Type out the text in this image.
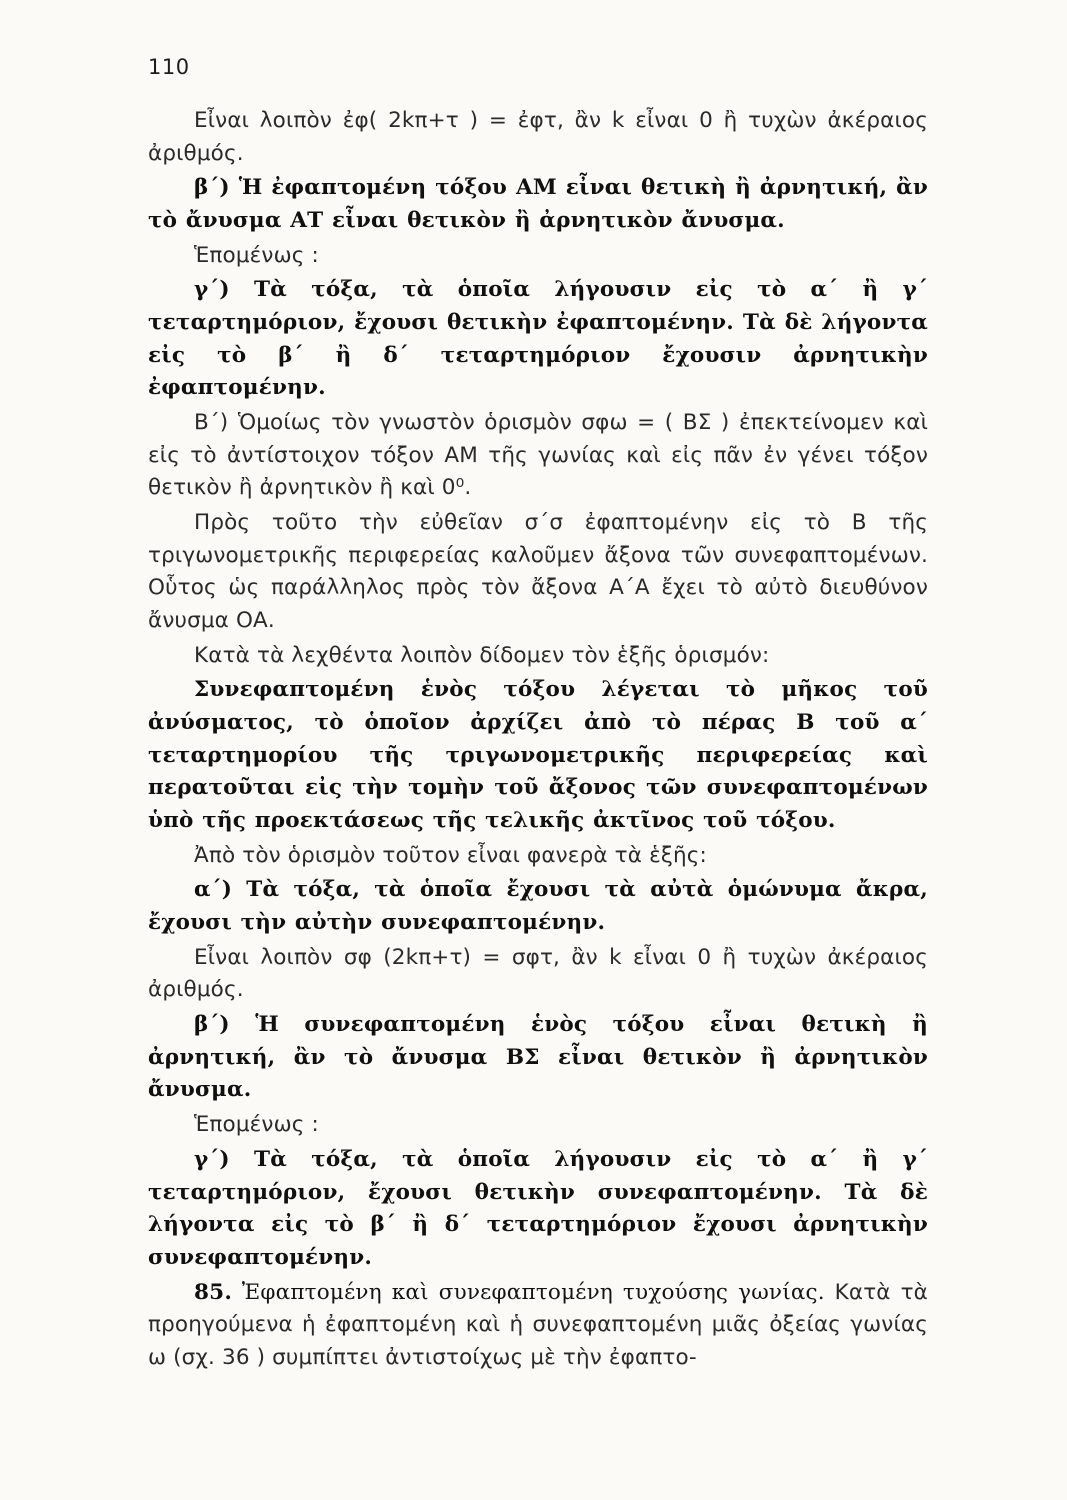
110

Εἶναι λοιπὸν ἐφ( 2kπ+τ ) = ἐφτ, ἂν k εἶναι 0 ἢ τυχὼν ἀκέραιος ἀριθμός.

β΄) Ἡ ἐφαπτομένη τόξου ΑΜ εἶναι θετικὴ ἢ ἀρνητική, ἂν τὸ ἄνυσμα ΑΤ εἶναι θετικὸν ἢ ἀρνητικὸν ἄνυσμα.

Ἑπομένως :

γ΄) Τὰ τόξα, τὰ ὁποῖα λήγουσιν εἰς τὸ α΄ ἢ γ΄ τεταρτημόριον, ἔχουσι θετικὴν ἐφαπτομένην. Τὰ δὲ λήγοντα εἰς τὸ β΄ ἢ δ΄ τεταρτημόριον ἔχουσιν ἀρνητικὴν ἐφαπτομένην.

Β΄) Ὁμοίως τὸν γνωστὸν ὁρισμὸν σφω = ( ΒΣ ) ἐπεκτείνομεν καὶ εἰς τὸ ἀντίστοιχον τόξον ΑΜ τῆς γωνίας καὶ εἰς πᾶν ἐν γένει τόξον θετικὸν ἢ ἀρνητικὸν ἢ καὶ 0⁰.

Πρὸς τοῦτο τὴν εὐθεῖαν σ΄σ ἐφαπτομένην εἰς τὸ Β τῆς τριγωνομετρικῆς περιφερείας καλοῦμεν ἄξονα τῶν συνεφαπτομένων. Οὗτος ὡς παράλληλος πρὸς τὸν ἄξονα Α΄Α ἔχει τὸ αὐτὸ διευθύνον ἄνυσμα ΟΑ.

Κατὰ τὰ λεχθέντα λοιπὸν δίδομεν τὸν ἑξῆς ὁρισμόν:

Συνεφαπτομένη ἑνὸς τόξου λέγεται τὸ μῆκος τοῦ ἀνύσματος, τὸ ὁποῖον ἀρχίζει ἀπὸ τὸ πέρας Β τοῦ α΄ τεταρτημορίου τῆς τριγωνομετρικῆς περιφερείας καὶ περατοῦται εἰς τὴν τομὴν τοῦ ἄξονος τῶν συνεφαπτομένων ὑπὸ τῆς προεκτάσεως τῆς τελικῆς ἀκτῖνος τοῦ τόξου.

Ἀπὸ τὸν ὁρισμὸν τοῦτον εἶναι φανερὰ τὰ ἑξῆς:

α΄) Τὰ τόξα, τὰ ὁποῖα ἔχουσι τὰ αὐτὰ ὁμώνυμα ἄκρα, ἔχουσι τὴν αὐτὴν συνεφαπτομένην.

Εἶναι λοιπὸν σφ (2kπ+τ) = σφτ, ἂν k εἶναι 0 ἢ τυχὼν ἀκέραιος ἀριθμός.

β΄) Ἡ συνεφαπτομένη ἑνὸς τόξου εἶναι θετικὴ ἢ ἀρνητική, ἂν τὸ ἄνυσμα ΒΣ εἶναι θετικὸν ἢ ἀρνητικὸν ἄνυσμα.

Ἑπομένως :

γ΄) Τὰ τόξα, τὰ ὁποῖα λήγουσιν εἰς τὸ α΄ ἢ γ΄ τεταρτημόριον, ἔχουσι θετικὴν συνεφαπτομένην. Τὰ δὲ λήγοντα εἰς τὸ β΄ ἢ δ΄ τεταρτημόριον ἔχουσι ἀρνητικὴν συνεφαπτομένην.

85. Ἐφαπτομένη καὶ συνεφαπτομένη τυχούσης γωνίας. Κατὰ τὰ προηγούμενα ἡ ἐφαπτομένη καὶ ἡ συνεφαπτομένη μιᾶς ὀξείας γωνίας ω (σχ. 36 ) συμπίπτει ἀντιστοίχως μὲ τὴν ἐφαπτο-
